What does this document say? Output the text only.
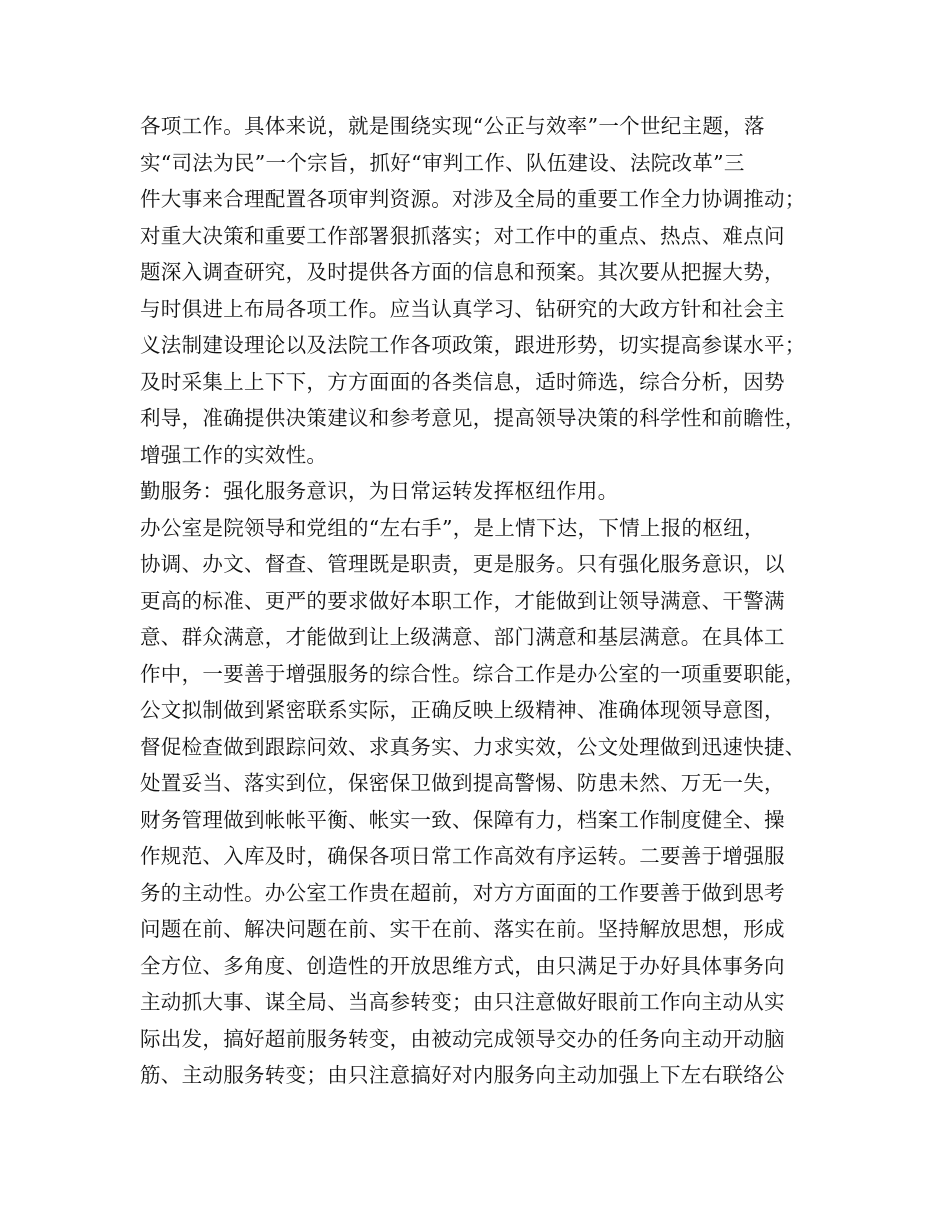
各项工作。具体来说，就是围绕实现“公正与效率”一个世纪主题，落
实“司法为民”一个宗旨，抓好“审判工作、队伍建设、法院改革”三
件大事来合理配置各项审判资源。对涉及全局的重要工作全力协调推动；
对重大决策和重要工作部署狠抓落实；对工作中的重点、热点、难点问
题深入调查研究，及时提供各方面的信息和预案。其次要从把握大势，
与时俱进上布局各项工作。应当认真学习、钻研究的大政方针和社会主
义法制建设理论以及法院工作各项政策，跟进形势，切实提高参谋水平；
及时采集上上下下，方方面面的各类信息，适时筛选，综合分析，因势
利导，准确提供决策建议和参考意见，提高领导决策的科学性和前瞻性，
增强工作的实效性。
勤服务：强化服务意识，为日常运转发挥枢纽作用。
办公室是院领导和党组的“左右手”，是上情下达，下情上报的枢纽，
协调、办文、督查、管理既是职责，更是服务。只有强化服务意识，以
更高的标准、更严的要求做好本职工作，才能做到让领导满意、干警满
意、群众满意，才能做到让上级满意、部门满意和基层满意。在具体工
作中，一要善于增强服务的综合性。综合工作是办公室的一项重要职能，
公文拟制做到紧密联系实际，正确反映上级精神、准确体现领导意图，
督促检查做到跟踪问效、求真务实、力求实效，公文处理做到迅速快捷、
处置妥当、落实到位，保密保卫做到提高警惕、防患未然、万无一失，
财务管理做到帐帐平衡、帐实一致、保障有力，档案工作制度健全、操
作规范、入库及时，确保各项日常工作高效有序运转。二要善于增强服
务的主动性。办公室工作贵在超前，对方方面面的工作要善于做到思考
问题在前、解决问题在前、实干在前、落实在前。坚持解放思想，形成
全方位、多角度、创造性的开放思维方式，由只满足于办好具体事务向
主动抓大事、谋全局、当高参转变；由只注意做好眼前工作向主动从实
际出发，搞好超前服务转变，由被动完成领导交办的任务向主动开动脑
筋、主动服务转变；由只注意搞好对内服务向主动加强上下左右联络公
